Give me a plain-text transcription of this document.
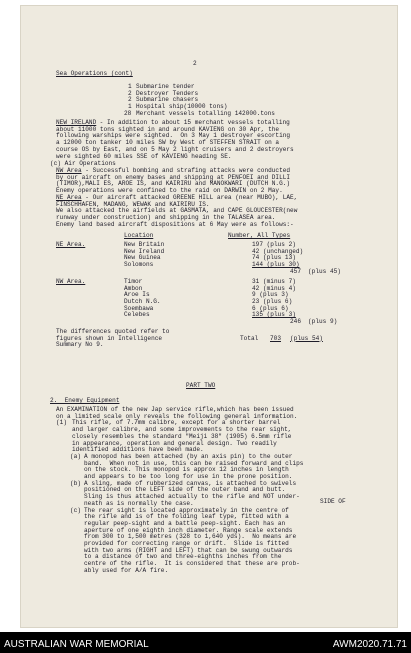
2
Sea Operations (cont)
1 Submarine tender
2 Destroyer Tenders
2 Submarine chasers
1 Hospital ship(10000 tons)
28 Merchant vessels totalling 142000.tons
NEW IRELAND - In addition to about 15 merchant vessels totalling
about 11000 tons sighted in and around KAVIENG on 30 Apr, the
following warships were sighted.  On 3 May 1 destroyer escorting
a 12000 ton tanker 10 miles SW by West of STEFFEN STRAIT on a
course OS by East, and on 5 May 2 light cruisers and 2 destroyers
were sighted 60 miles SSE of KAVIENG heading SE.
(c) Air Operations
NW Area - Successful bombing and strafing attacks were conducted
by our aircraft on enemy bases and shipping at PENFOEI and DILLI
(TIMOR),MALI ES, AROE IS, and KAIRIRU and MANOKWARI (DUTCH N.G.)
Enemy operations were confined to the raid on DARWIN on 2 May.
NE Area - Our aircraft attacked GREENE HILL area (near MUBO), LAE,
FINSCHHAFEN, MADANG, WEWAK and KAIRIRU IS.
We also attacked the airfields at GASMATA, and CAPE GLOUCESTER(new
runway under construction) and shipping in the TALASEA area.
Enemy land based aircraft dispositions at 6 May were as follows:-
Location	Number, All Types
NE Area.	New Britain	197 (plus 2)
New Ireland	42 (unchanged)
New Guinea	74 (plus 13)
Solomons	144 (plus 30)
457 (plus 45)
NW Area.	Timor	31 (minus 7)
Ambon	42 (minus 4)
Aroe Is	9 (plus 3)
Dutch N.G.	23 (plus 6)
Soembawa	6 (plus 6)
Celebes	135 (plus 3)
246 (plus 9)
The differences quoted refer to
figures shown in Intelligence
Summary No 9.
Total 703 (plus 54)
PART TWO
2.  Enemy Equipment
An EXAMINATION of the new Jap service rifle,which has been issued
on a limited scale only reveals the following general information.
(1) This rifle, of 7.7mm calibre, except for a shorter barrel
and larger calibre, and some improvements to the rear sight,
closely resembles the standard "Meiji 38" (1905) 6.5mm rifle
in appearance, operation and general design. Two readily
identified additions have been made.
(a) A monopod has been attached (by an axis pin) to the outer
band.  When not in use, this can be raised forward and clips
on the stock. This monopod is approx 12 inches in length
and appears to be too long for use in the prone position.
(b) A sling, made of rubberized canvas, is attached to swivels
positioned on the LEFT side of the outer band and butt.
Sling is thus attached actually to the rifle and NOT under-
neath as is normally the case.	SIDE OF
(c) The rear sight is located approximately in the centre of
the rifle and is of the folding leaf type, fitted with a
regular peep-sight and a battle peep-sight. Each has an
aperture of one eighth inch diameter. Range scale extends
from 300 to 1,500 metres (328 to 1,640 yds).  No means are
provided for correcting range or drift.  Slide is fitted
with two arms (RIGHT and LEFT) that can be swung outwards
to a distance of two and three-eighths inches from the
centre of the rifle.  It is considered that these are prob-
ably used for A/A fire.
AUSTRALIAN WAR MEMORIAL	AWM2020.71.71
